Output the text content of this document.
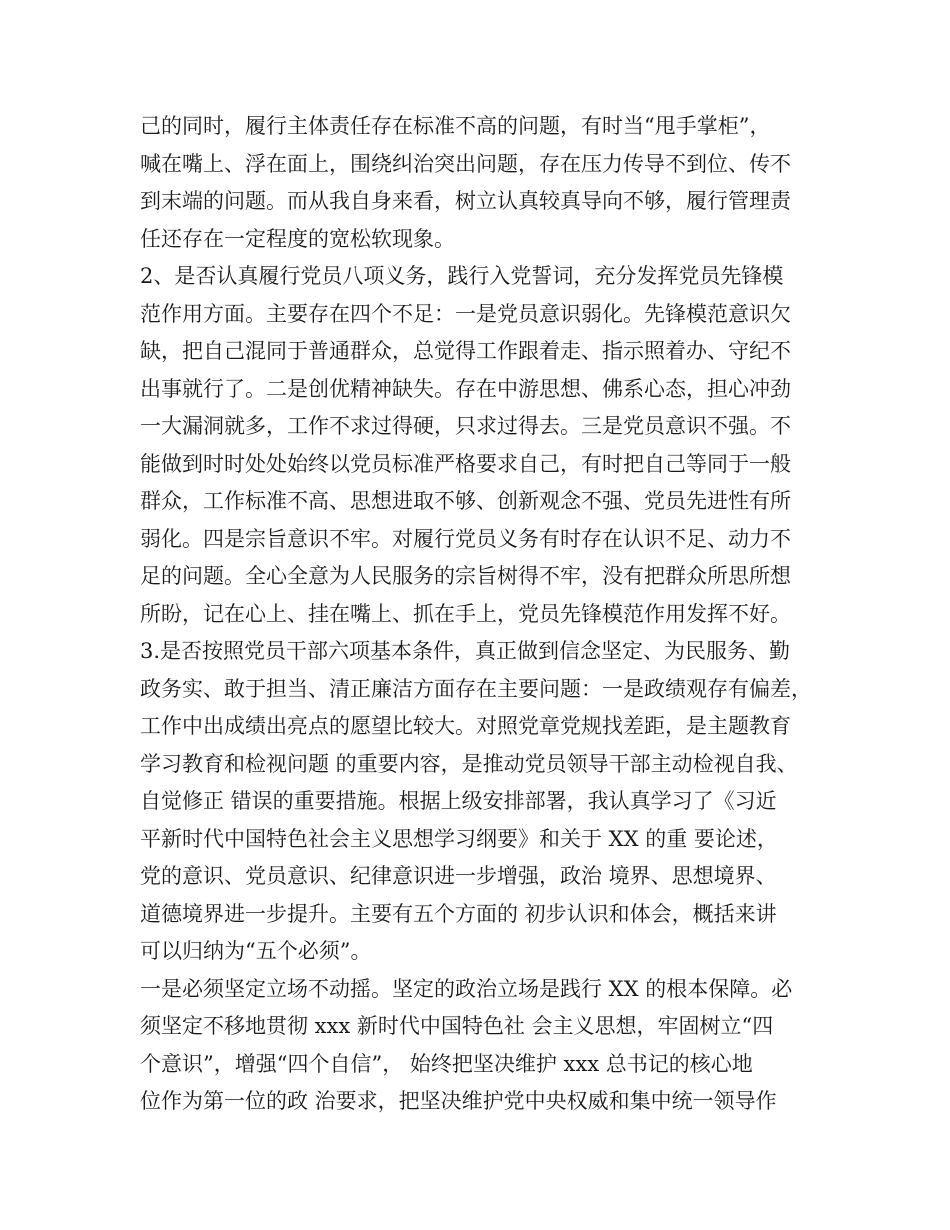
己的同时，履行主体责任存在标准不高的问题，有时当“甩手掌柜”，
喊在嘴上、浮在面上，围绕纠治突出问题，存在压力传导不到位、传不
到末端的问题。而从我自身来看，树立认真较真导向不够，履行管理责
任还存在一定程度的宽松软现象。
2、是否认真履行党员八项义务，践行入党誓词，充分发挥党员先锋模
范作用方面。主要存在四个不足：一是党员意识弱化。先锋模范意识欠
缺，把自己混同于普通群众，总觉得工作跟着走、指示照着办、守纪不
出事就行了。二是创优精神缺失。存在中游思想、佛系心态，担心冲劲
一大漏洞就多，工作不求过得硬，只求过得去。三是党员意识不强。不
能做到时时处处始终以党员标准严格要求自己，有时把自己等同于一般
群众，工作标准不高、思想进取不够、创新观念不强、党员先进性有所
弱化。四是宗旨意识不牢。对履行党员义务有时存在认识不足、动力不
足的问题。全心全意为人民服务的宗旨树得不牢，没有把群众所思所想
所盼，记在心上、挂在嘴上、抓在手上，党员先锋模范作用发挥不好。
3.是否按照党员干部六项基本条件，真正做到信念坚定、为民服务、勤
政务实、敢于担当、清正廉洁方面存在主要问题：一是政绩观存有偏差，
工作中出成绩出亮点的愿望比较大。对照党章党规找差距，是主题教育
学习教育和检视问题 的重要内容，是推动党员领导干部主动检视自我、
自觉修正 错误的重要措施。根据上级安排部署，我认真学习了《习近
平新时代中国特色社会主义思想学习纲要》和关于 XX 的重 要论述，
党的意识、党员意识、纪律意识进一步增强，政治 境界、思想境界、
道德境界进一步提升。主要有五个方面的 初步认识和体会，概括来讲
可以归纳为“五个必须”。
一是必须坚定立场不动摇。坚定的政治立场是践行 XX 的根本保障。必
须坚定不移地贯彻 xxx 新时代中国特色社 会主义思想，牢固树立“四
个意识”，增强“四个自信”， 始终把坚决维护 xxx 总书记的核心地
位作为第一位的政 治要求，把坚决维护党中央权威和集中统一领导作
